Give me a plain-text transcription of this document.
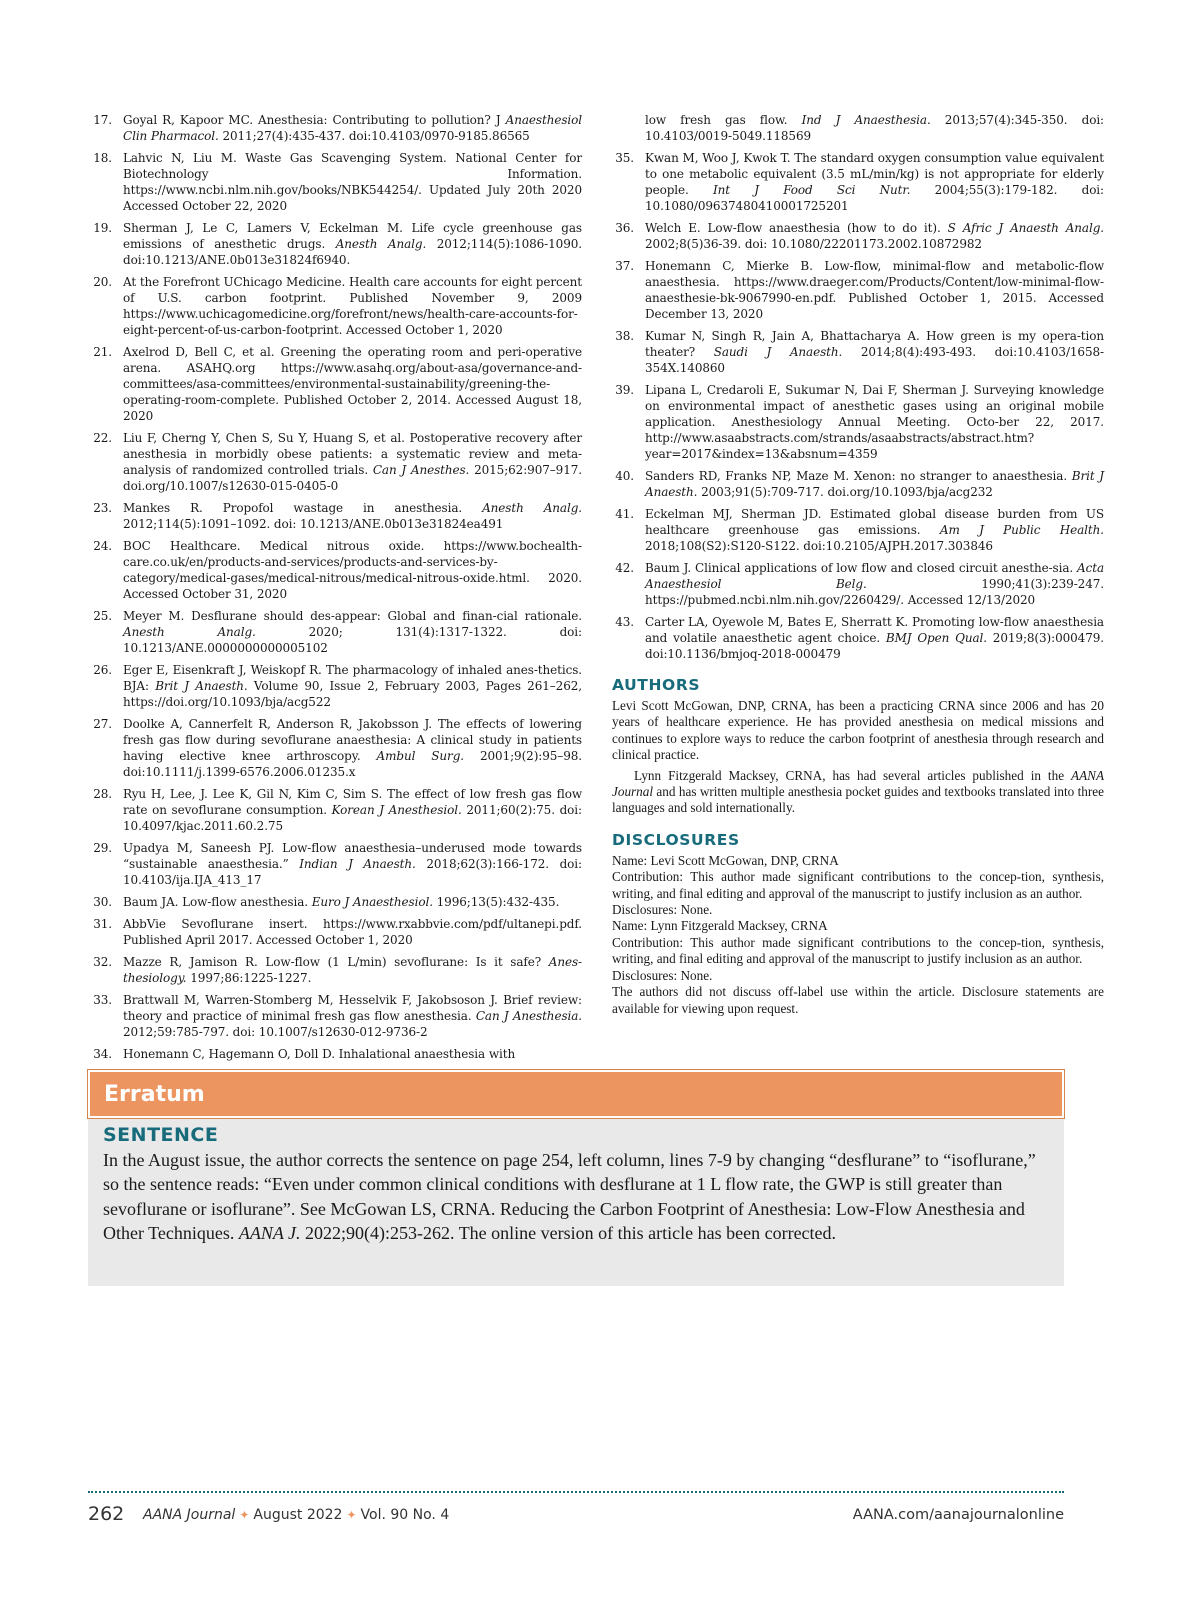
17. Goyal R, Kapoor MC. Anesthesia: Contributing to pollution? J Anaesthesiol Clin Pharmacol. 2011;27(4):435-437. doi:10.4103/0970-9185.86565
18. Lahvic N, Liu M. Waste Gas Scavenging System. National Center for Biotechnology Information. https://www.ncbi.nlm.nih.gov/books/NBK544254/. Updated July 20th 2020 Accessed October 22, 2020
19. Sherman J, Le C, Lamers V, Eckelman M. Life cycle greenhouse gas emissions of anesthetic drugs. Anesth Analg. 2012;114(5):1086-1090. doi:10.1213/ANE.0b013e31824f6940.
20. At the Forefront UChicago Medicine. Health care accounts for eight percent of U.S. carbon footprint. Published November 9, 2009 https://www.uchicagomedicine.org/forefront/news/health-care-accounts-for-eight-percent-of-us-carbon-footprint. Accessed October 1, 2020
21. Axelrod D, Bell C, et al. Greening the operating room and peri-operative arena. ASAHQ.org https://www.asahq.org/about-asa/governance-and-committees/asa-committees/environmental-sustainability/greening-the-operating-room-complete. Published October 2, 2014. Accessed August 18, 2020
22. Liu F, Cherng Y, Chen S, Su Y, Huang S, et al. Postoperative recovery after anesthesia in morbidly obese patients: a systematic review and meta-analysis of randomized controlled trials. Can J Anesthes. 2015;62:907–917. doi.org/10.1007/s12630-015-0405-0
23. Mankes R. Propofol wastage in anesthesia. Anesth Analg. 2012;114(5):1091–1092. doi: 10.1213/ANE.0b013e31824ea491
24. BOC Healthcare. Medical nitrous oxide. https://www.bochealth-care.co.uk/en/products-and-services/products-and-services-by-category/medical-gases/medical-nitrous/medical-nitrous-oxide.html. 2020. Accessed October 31, 2020
25. Meyer M. Desflurane should des-appear: Global and finan-cial rationale. Anesth Analg. 2020; 131(4):1317-1322. doi: 10.1213/ANE.0000000000005102
26. Eger E, Eisenkraft J, Weiskopf R. The pharmacology of inhaled anes-thetics. BJA: Brit J Anaesth. Volume 90, Issue 2, February 2003, Pages 261–262, https://doi.org/10.1093/bja/acg522
27. Doolke A, Cannerfelt R, Anderson R, Jakobsson J. The effects of lowering fresh gas flow during sevoflurane anaesthesia: A clinical study in patients having elective knee arthroscopy. Ambul Surg. 2001;9(2):95–98. doi:10.1111/j.1399-6576.2006.01235.x
28. Ryu H, Lee, J. Lee K, Gil N, Kim C, Sim S. The effect of low fresh gas flow rate on sevoflurane consumption. Korean J Anesthesiol. 2011;60(2):75. doi: 10.4097/kjac.2011.60.2.75
29. Upadya M, Saneesh PJ. Low-flow anaesthesia–underused mode towards “sustainable anaesthesia.” Indian J Anaesth. 2018;62(3):166-172. doi: 10.4103/ija.IJA_413_17
30. Baum JA. Low-flow anesthesia. Euro J Anaesthesiol. 1996;13(5):432-435.
31. AbbVie Sevoflurane insert. https://www.rxabbvie.com/pdf/ultanepi.pdf. Published April 2017. Accessed October 1, 2020
32. Mazze R, Jamison R. Low-flow (1 L/min) sevoflurane: Is it safe? Anes-thesiology. 1997;86:1225-1227.
33. Brattwall M, Warren-Stomberg M, Hesselvik F, Jakobsoson J. Brief review: theory and practice of minimal fresh gas flow anesthesia. Can J Anesthesia. 2012;59:785-797. doi: 10.1007/s12630-012-9736-2
34. Honemann C, Hagemann O, Doll D. Inhalational anaesthesia with
low fresh gas flow. Ind J Anaesthesia. 2013;57(4):345-350. doi: 10.4103/0019-5049.118569
35. Kwan M, Woo J, Kwok T. The standard oxygen consumption value equivalent to one metabolic equivalent (3.5 mL/min/kg) is not appropriate for elderly people. Int J Food Sci Nutr. 2004;55(3):179-182. doi: 10.1080/09637480410001725201
36. Welch E. Low-flow anaesthesia (how to do it). S Afric J Anaesth Analg. 2002;8(5)36-39. doi: 10.1080/22201173.2002.10872982
37. Honemann C, Mierke B. Low-flow, minimal-flow and metabolic-flow anaesthesia. https://www.draeger.com/Products/Content/low-minimal-flow-anaesthesie-bk-9067990-en.pdf. Published October 1, 2015. Accessed December 13, 2020
38. Kumar N, Singh R, Jain A, Bhattacharya A. How green is my opera-tion theater? Saudi J Anaesth. 2014;8(4):493-493. doi:10.4103/1658-354X.140860
39. Lipana L, Credaroli E, Sukumar N, Dai F, Sherman J. Surveying knowledge on environmental impact of anesthetic gases using an original mobile application. Anesthesiology Annual Meeting. Octo-ber 22, 2017. http://www.asaabstracts.com/strands/asaabstracts/abstract.htm?year=2017&index=13&absnum=4359
40. Sanders RD, Franks NP, Maze M. Xenon: no stranger to anaesthesia. Brit J Anaesth. 2003;91(5):709-717. doi.org/10.1093/bja/acg232
41. Eckelman MJ, Sherman JD. Estimated global disease burden from US healthcare greenhouse gas emissions. Am J Public Health. 2018;108(S2):S120-S122. doi:10.2105/AJPH.2017.303846
42. Baum J. Clinical applications of low flow and closed circuit anesthe-sia. Acta Anaesthesiol Belg. 1990;41(3):239-247. https://pubmed.ncbi.nlm.nih.gov/2260429/. Accessed 12/13/2020
43. Carter LA, Oyewole M, Bates E, Sherratt K. Promoting low-flow anaesthesia and volatile anaesthetic agent choice. BMJ Open Qual. 2019;8(3):000479. doi:10.1136/bmjoq-2018-000479
AUTHORS

Levi Scott McGowan, DNP, CRNA, has been a practicing CRNA since 2006 and has 20 years of healthcare experience. He has provided anesthesia on medical missions and continues to explore ways to reduce the carbon footprint of anesthesia through research and clinical practice.

Lynn Fitzgerald Macksey, CRNA, has had several articles published in the AANA Journal and has written multiple anesthesia pocket guides and textbooks translated into three languages and sold internationally.

DISCLOSURES

Name: Levi Scott McGowan, DNP, CRNA

Contribution: This author made significant contributions to the concep-tion, synthesis, writing, and final editing and approval of the manuscript to justify inclusion as an author.

Disclosures: None.

Name: Lynn Fitzgerald Macksey, CRNA

Contribution: This author made significant contributions to the concep-tion, synthesis, writing, and final editing and approval of the manuscript to justify inclusion as an author.

Disclosures: None.

The authors did not discuss off-label use within the article. Disclosure statements are available for viewing upon request.

Erratum
SENTENCE
In the August issue, the author corrects the sentence on page 254, left column, lines 7-9 by changing “desflurane” to “isoflurane,” so the sentence reads: “Even under common clinical conditions with desflurane at 1 L flow rate, the GWP is still greater than sevoflurane or isoflurane”. See McGowan LS, CRNA. Reducing the Carbon Footprint of Anesthesia: Low-Flow Anesthesia and Other Techniques. AANA J. 2022;90(4):253-262. The online version of this article has been corrected.
262 AANA Journal ✦ August 2022 ✦ Vol. 90 No. 4	AANA.com/aanajournalonline
